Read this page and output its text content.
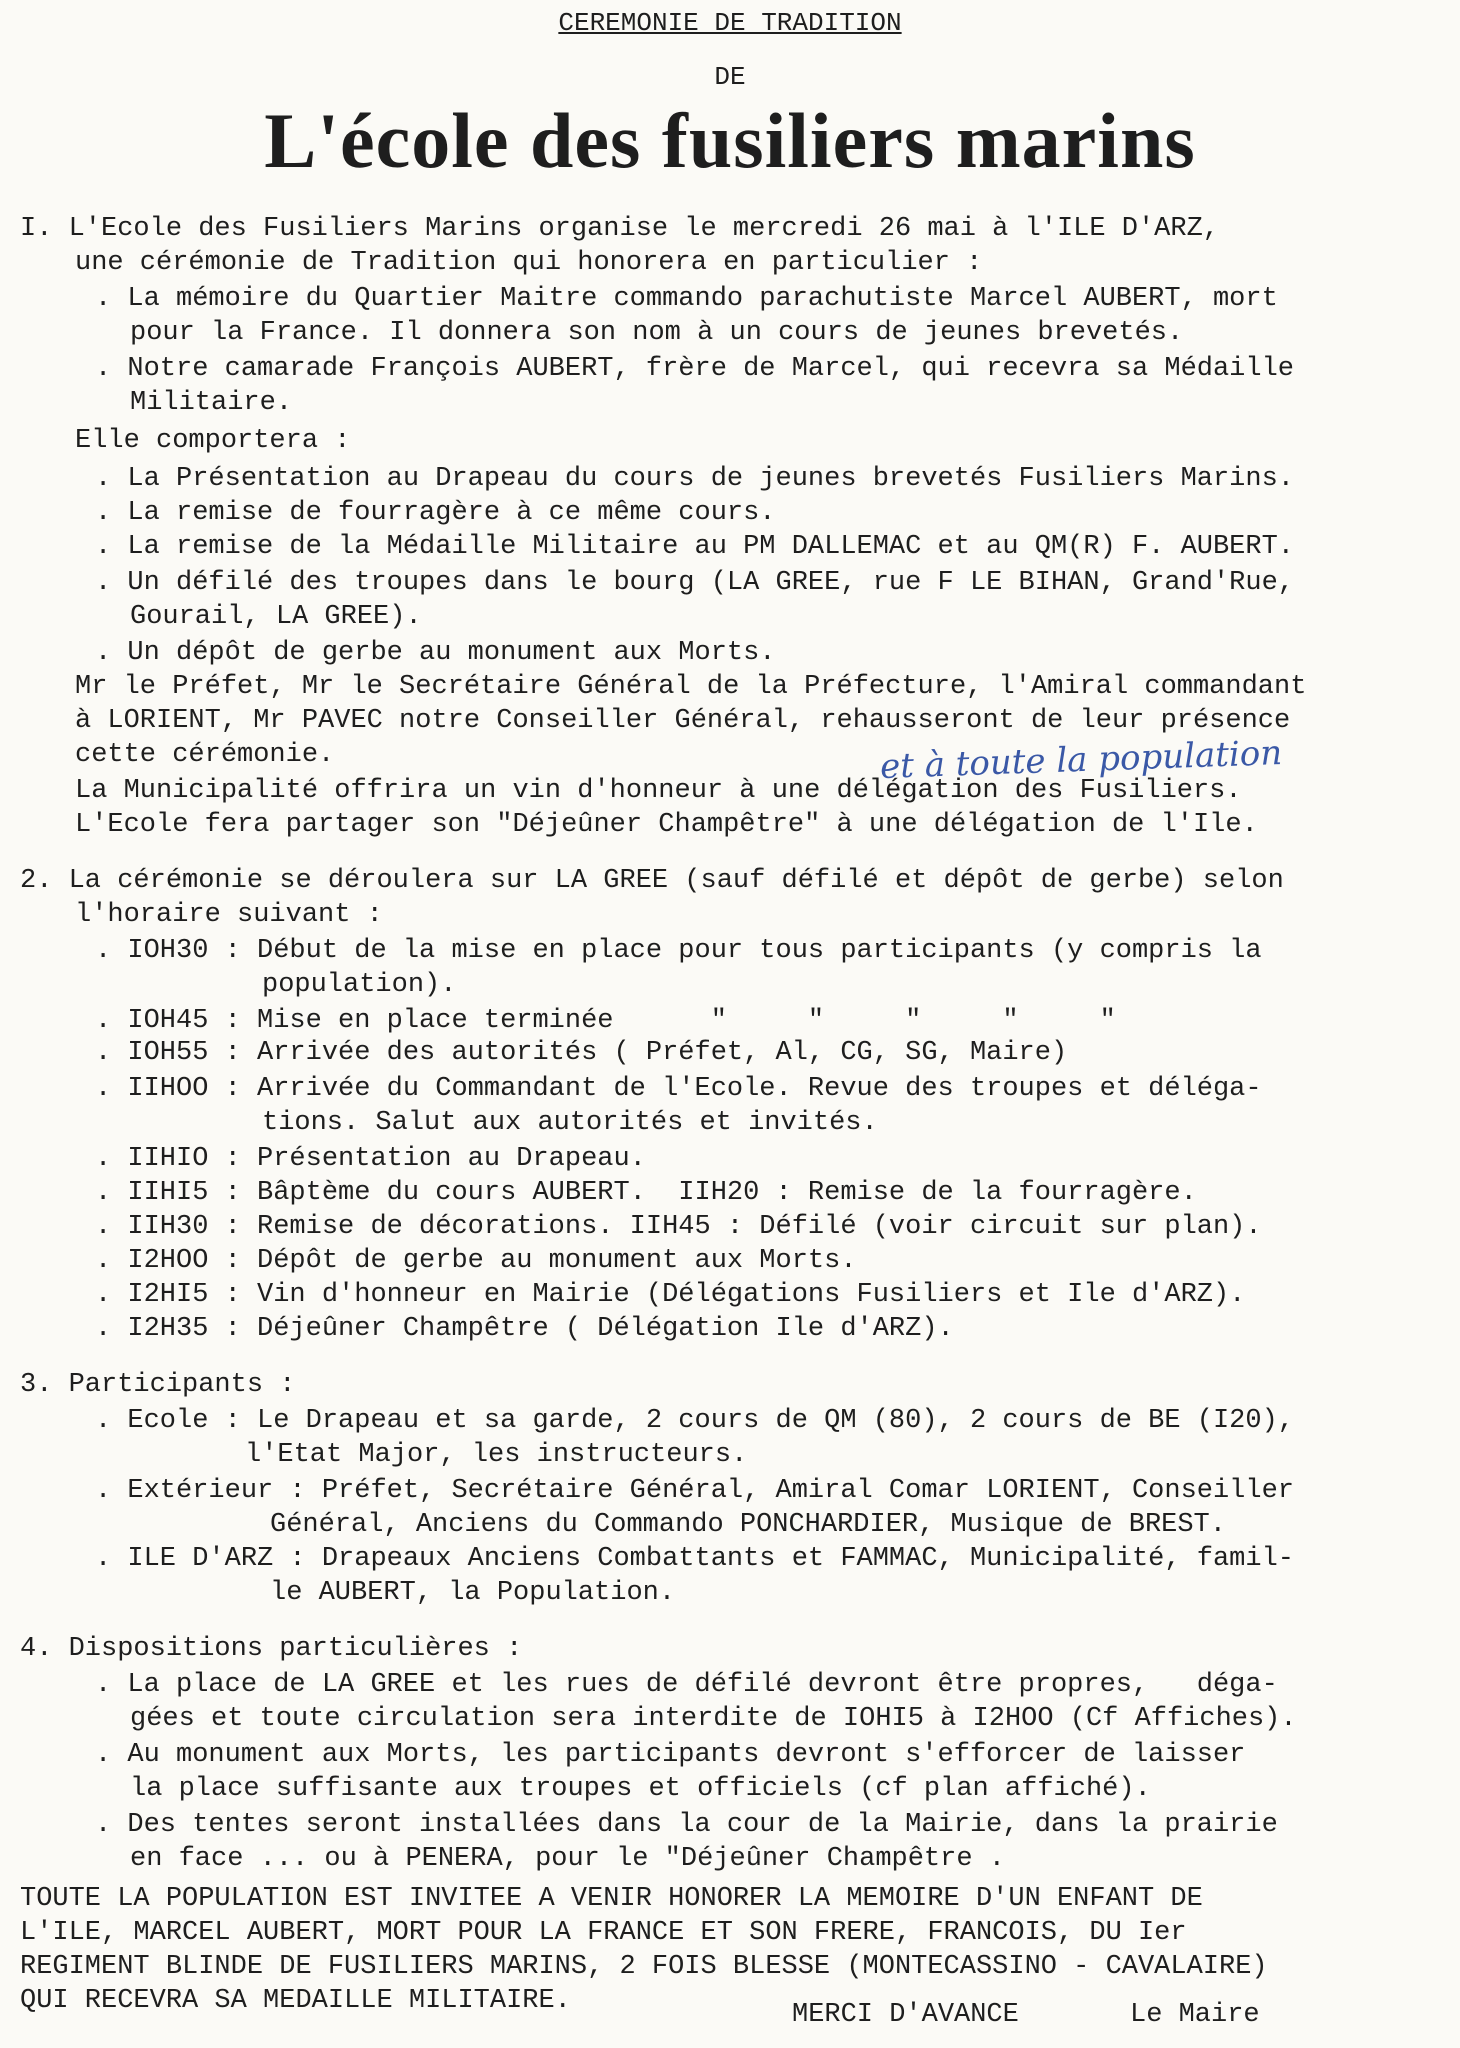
CEREMONIE DE TRADITION
DE
L'école des fusiliers marins
I. L'Ecole des Fusiliers Marins organise le mercredi 26 mai à l'ILE D'ARZ,
une cérémonie de Tradition qui honorera en particulier :
. La mémoire du Quartier Maitre commando parachutiste Marcel AUBERT, mort
pour la France. Il donnera son nom à un cours de jeunes brevetés.
. Notre camarade François AUBERT, frère de Marcel, qui recevra sa Médaille
Militaire.
Elle comportera :
. La Présentation au Drapeau du cours de jeunes brevetés Fusiliers Marins.
. La remise de fourragère à ce même cours.
. La remise de la Médaille Militaire au PM DALLEMAC et au QM(R) F. AUBERT.
. Un défilé des troupes dans le bourg (LA GREE, rue F LE BIHAN, Grand'Rue,
Gourail, LA GREE).
. Un dépôt de gerbe au monument aux Morts.
Mr le Préfet, Mr le Secrétaire Général de la Préfecture, l'Amiral commandant
à LORIENT, Mr PAVEC notre Conseiller Général, rehausseront de leur présence
cette cérémonie.
La Municipalité offrira un vin d'honneur à une délégation des Fusiliers.
L'Ecole fera partager son "Déjeûner Champêtre" à une délégation de l'Ile.
2. La cérémonie se déroulera sur LA GREE (sauf défilé et dépôt de gerbe) selon
l'horaire suivant :
. IOH30 : Début de la mise en place pour tous participants (y compris la
population).
. IOH45 : Mise en place terminée      "     "     "     "     "
. IOH55 : Arrivée des autorités ( Préfet, Al, CG, SG, Maire)
. IIHOO : Arrivée du Commandant de l'Ecole. Revue des troupes et déléga-
tions. Salut aux autorités et invités.
. IIHIO : Présentation au Drapeau.
. IIHI5 : Bâptème du cours AUBERT.  IIH20 : Remise de la fourragère.
. IIH30 : Remise de décorations. IIH45 : Défilé (voir circuit sur plan).
. I2HOO : Dépôt de gerbe au monument aux Morts.
. I2HI5 : Vin d'honneur en Mairie (Délégations Fusiliers et Ile d'ARZ).
. I2H35 : Déjeûner Champêtre ( Délégation Ile d'ARZ).
3. Participants :
. Ecole : Le Drapeau et sa garde, 2 cours de QM (80), 2 cours de BE (I20),
l'Etat Major, les instructeurs.
. Extérieur : Préfet, Secrétaire Général, Amiral Comar LORIENT, Conseiller
Général, Anciens du Commando PONCHARDIER, Musique de BREST.
. ILE D'ARZ : Drapeaux Anciens Combattants et FAMMAC, Municipalité, famil-
le AUBERT, la Population.
4. Dispositions particulières :
. La place de LA GREE et les rues de défilé devront être propres,   déga-
gées et toute circulation sera interdite de IOHI5 à I2HOO (Cf Affiches).
. Au monument aux Morts, les participants devront s'efforcer de laisser
la place suffisante aux troupes et officiels (cf plan affiché).
. Des tentes seront installées dans la cour de la Mairie, dans la prairie
en face ... ou à PENERA, pour le "Déjeûner Champêtre .
TOUTE LA POPULATION EST INVITEE A VENIR HONORER LA MEMOIRE D'UN ENFANT DE
L'ILE, MARCEL AUBERT, MORT POUR LA FRANCE ET SON FRERE, FRANCOIS, DU Ier
REGIMENT BLINDE DE FUSILIERS MARINS, 2 FOIS BLESSE (MONTECASSINO - CAVALAIRE)
QUI RECEVRA SA MEDAILLE MILITAIRE.
et à toute la population
MERCI D'AVANCE	Le Maire
